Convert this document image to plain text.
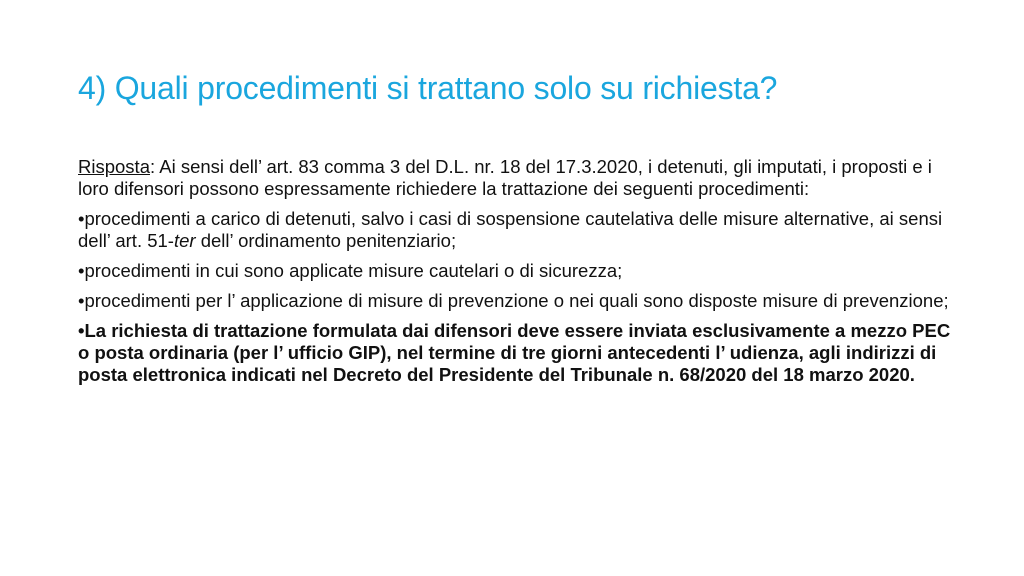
4) Quali procedimenti si trattano solo su richiesta?

Risposta: Ai sensi dell’ art. 83 comma 3 del D.L. nr. 18 del 17.3.2020, i detenuti, gli imputati, i proposti e i loro difensori possono espressamente richiedere la trattazione dei seguenti procedimenti:

•procedimenti a carico di detenuti, salvo i casi di sospensione cautelativa delle misure alternative, ai sensi dell’ art. 51-ter dell’ ordinamento penitenziario;

•procedimenti in cui sono applicate misure cautelari o di sicurezza;

•procedimenti per l’ applicazione di misure di prevenzione o nei quali sono disposte misure di prevenzione;

•La richiesta di trattazione formulata dai difensori deve essere inviata esclusivamente a mezzo PEC o posta ordinaria (per l’ ufficio GIP), nel termine di tre giorni antecedenti l’ udienza, agli indirizzi di posta elettronica indicati nel Decreto del Presidente del Tribunale n. 68/2020 del 18 marzo 2020.
